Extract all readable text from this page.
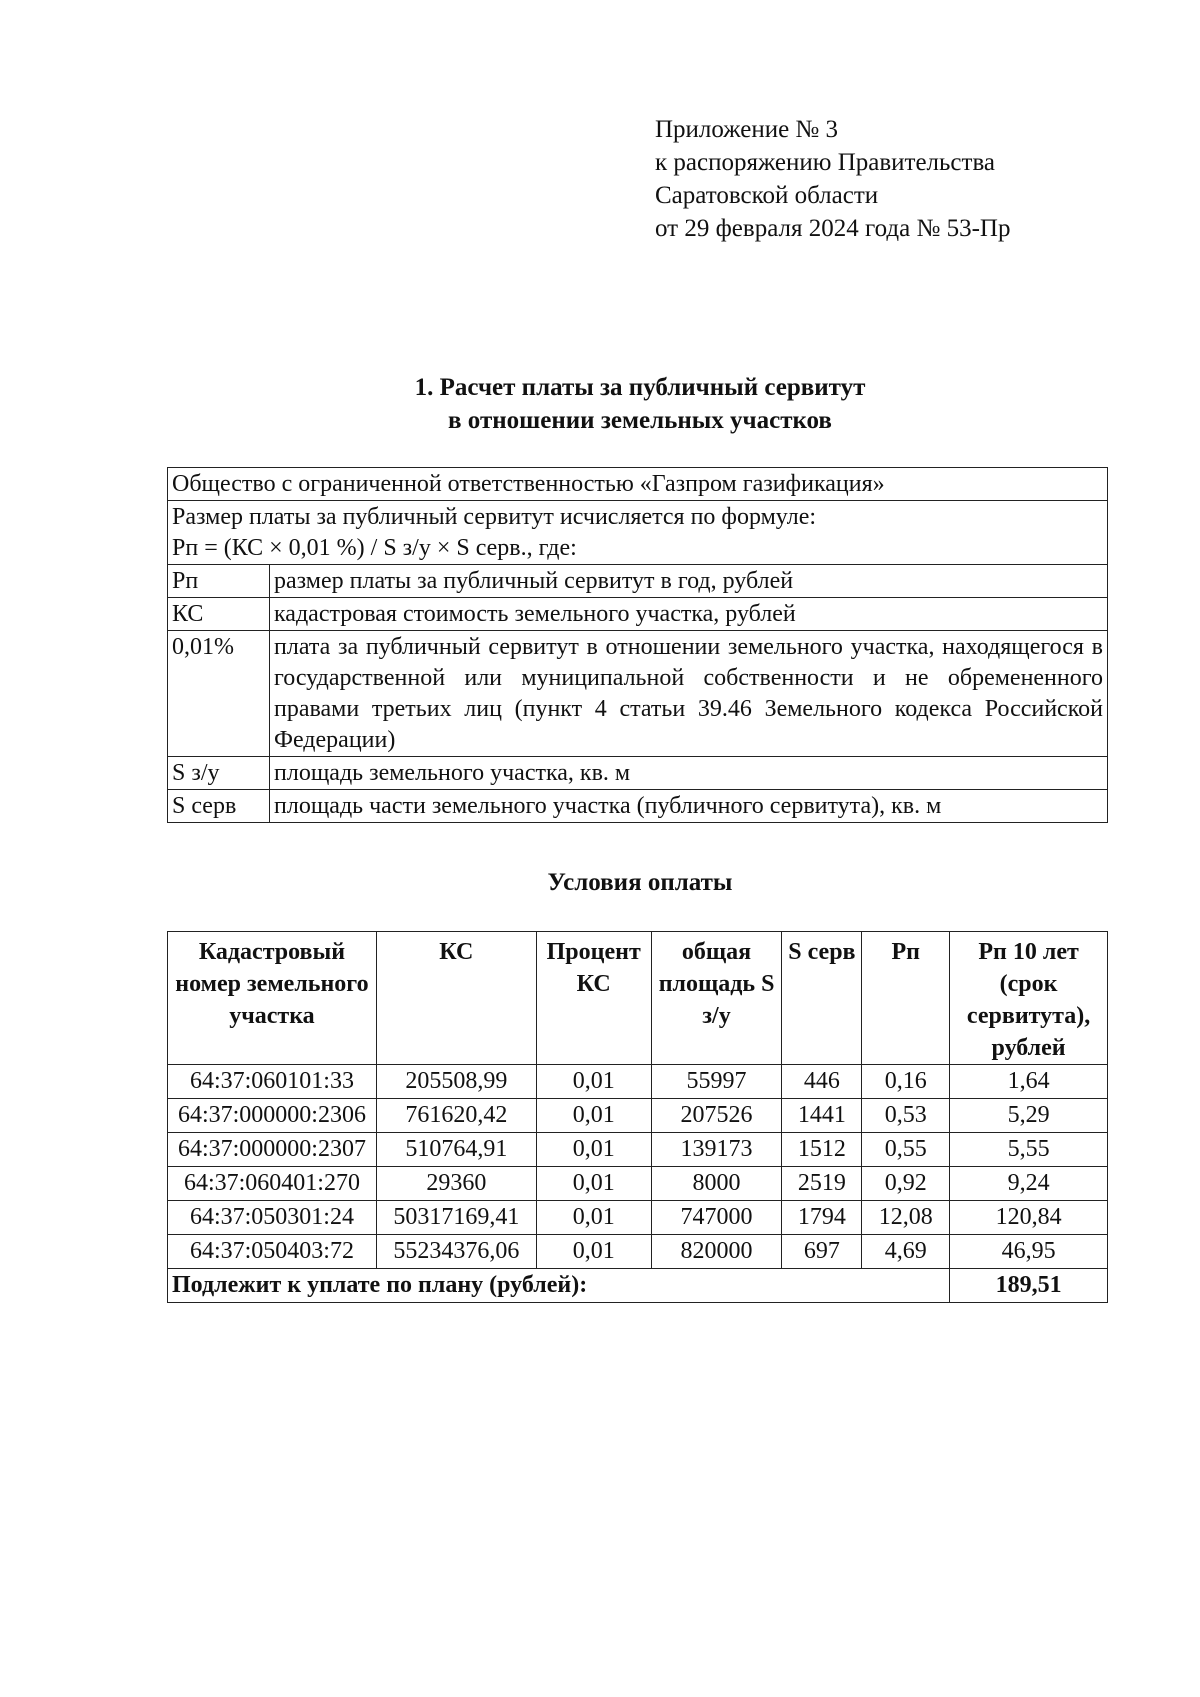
Приложение № 3
к распоряжению Правительства
Саратовской области
от 29 февраля 2024 года № 53-Пр
1. Расчет платы за публичный сервитут
в отношении земельных участков
Общество с ограниченной ответственностью «Газпром газификация»	

Размер платы за публичный сервитут исчисляется по формуле:
Рп = (КС × 0,01 %) / S з/у × S серв., где:	

Рп	размер платы за публичный сервитут в год, рублей
КС	кадастровая стоимость земельного участка, рублей
0,01%	плата за публичный сервитут в отношении земельного участка, находящегося в государственной или муниципальной собственности и не обремененного правами третьих лиц (пункт 4 статьи 39.46 Земельного кодекса Российской Федерации)
S з/у	площадь земельного участка, кв. м
S серв	площадь части земельного участка (публичного сервитута), кв. м
Условия оплаты
Кадастровый номер земельного участка	КС	Процент КС	общая площадь S з/у	S серв	Рп	Рп 10 лет (срок сервитута), рублей
64:37:060101:33	205508,99	0,01	55997	446	0,16	1,64
64:37:000000:2306	761620,42	0,01	207526	1441	0,53	5,29
64:37:000000:2307	510764,91	0,01	139173	1512	0,55	5,55
64:37:060401:270	29360	0,01	8000	2519	0,92	9,24
64:37:050301:24	50317169,41	0,01	747000	1794	12,08	120,84
64:37:050403:72	55234376,06	0,01	820000	697	4,69	46,95
Подлежит к уплате по плану (рублей):						189,51
